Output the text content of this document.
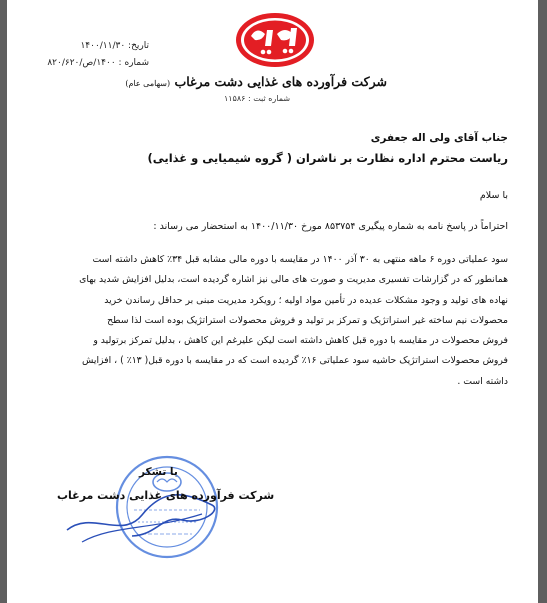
تاریخ: ۱۴۰۰/۱۱/۳۰
شماره : ۱۴۰۰/ص/۸۲۰/۶۲۰
شرکت فرآورده های غذایی دشت مرغاب (سهامی عام)
شماره ثبت : ۱۱۵۸۶
جناب آقای ولی اله جعفری
ریاست محترم اداره نظارت بر ناشران ( گروه شیمیایی و غذایی)
با سلام
احتراماً در پاسخ نامه به شماره پیگیری ۸۵۳۷۵۴ مورخ ۱۴۰۰/۱۱/۳۰ به استحضار می رساند :
سود عملیاتی دوره ۶ ماهه منتهی به ۳۰ آذر ۱۴۰۰ در مقایسه با دوره مالی مشابه قبل ۳۴٪ کاهش داشته است
همانطور که در گزارشات تفسیری مدیریت و صورت های مالی نیز اشاره گردیده است، بدلیل افزایش شدید بهای
نهاده های تولید و وجود مشکلات عدیده در تأمین مواد اولیه ؛ رویکرد مدیریت مبنی بر حداقل رساندن خرید
محصولات نیم ساخته غیر استراتژیک و تمرکز بر تولید و فروش محصولات استراتژیک بوده است لذا سطح
فروش محصولات در مقایسه با دوره قبل کاهش داشته است لیکن علیرغم این کاهش ، بدلیل تمرکز برتولید و
فروش محصولات استراتژیک حاشیه سود عملیاتی ۱۶٪ گردیده است که در مقایسه با دوره قبل( ۱۳٪ ) ، افزایش
داشته است .
با تشکر
شرکت فرآورده های غذایی دشت مرغاب
